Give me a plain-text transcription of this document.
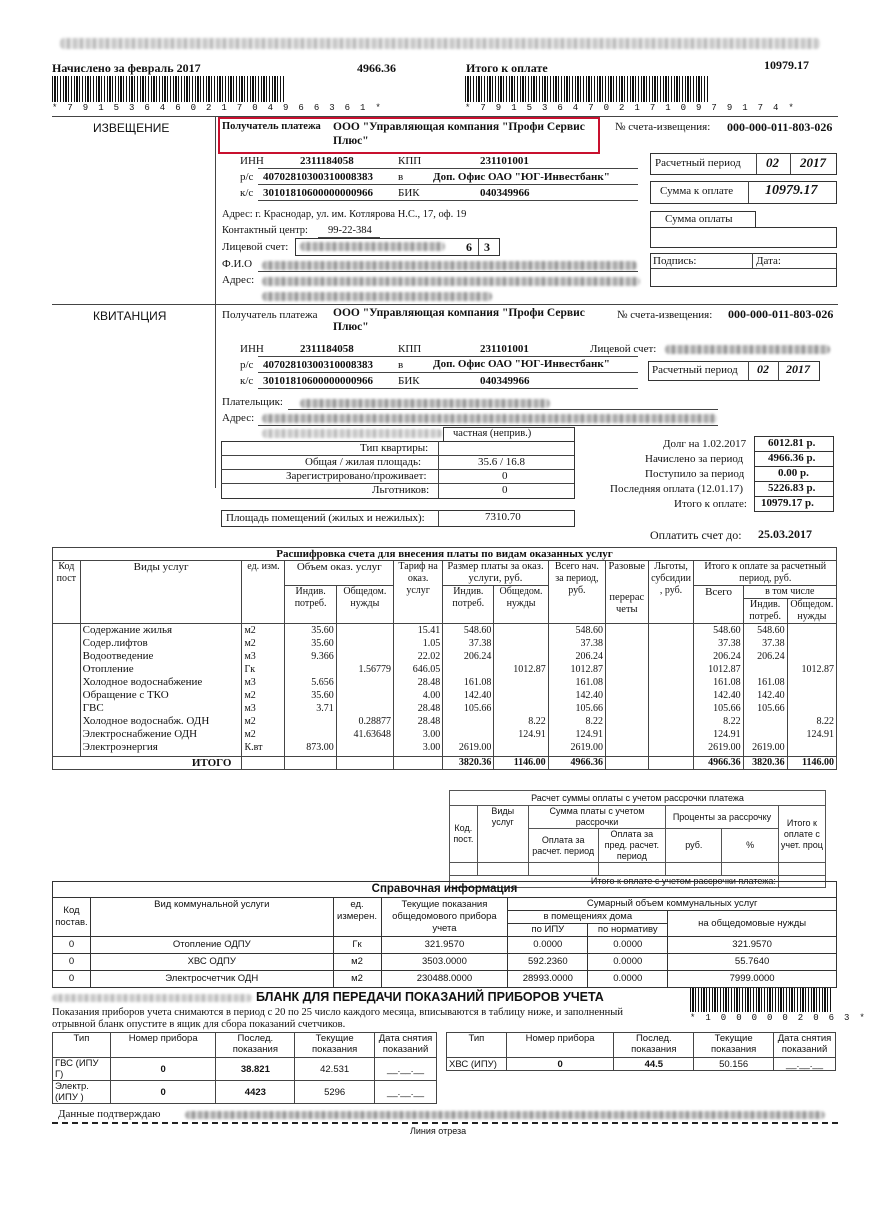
Начислено за февраль 2017	4966.36	Итого к оплате	10979.17
* 7 9 1 5 3 6 4 6 0 2 1 7 0 4 9 6 6 3 6 1 *	* 7 9 1 5 3 6 4 7 0 2 1 7 1 0 9 7 9 1 7 4 *
ИЗВЕЩЕНИЕ	Получатель платежа ООО "Управляющая компания "Профи Сервис
Плюс"
№ счета-извещения: 000-000-011-803-026
ИНН	2311184058	КПП	231101001
р/с 40702810300310008383 в	Доп. Офис ОАО "ЮГ-Инвестбанк"
к/с 30101810600000000966 БИК	040349966
Адрес: г. Краснодар, ул. им. Котлярова Н.С., 17, оф. 19
Контактный центр: 99-22-384
Лицевой счет:	6 3
Ф.И.О
Адрес:
Расчетный период 02 2017
Сумма к оплате 10979.17
Сумма оплаты
Подпись:	Дата:
КВИТАНЦИЯ	Получатель платежа ООО "Управляющая компания "Профи Сервис
Плюс"
№ счета-извещения: 000-000-011-803-026
ИНН	2311184058	КПП	231101001	Лицевой счет:
р/с 40702810300310008383 в	Доп. Офис ОАО "ЮГ-Инвестбанк"
к/с 30101810600000000966 БИК	040349966
Расчетный период 02 2017
Плательщик:
Адрес:
частная (неприв.)
Тип квартиры:
Общая / жилая площадь:	35.6 / 16.8
Зарегистрировано/проживает:	0
Льготников:	0
Площадь помещений (жилых и нежилых):	7310.70
Долг на 1.02.2017 6012.81 р.
Начислено за период 4966.36 р.
Поступило за период	0.00 р.
Последняя оплата (12.01.17) 5226.83 р.
Итого к оплате: 10979.17 р.
Оплатить счет до: 25.03.2017
Расшифровка счета для внесения платы по видам оказанных услуг													
Код пост	Виды услуг	ед. изм.	Объем оказ. услуг		Тариф на оказ. услуг	Размер платы за оказ. услуги, руб.		Всего нач. за период, руб.	Разовые	Льготы, субсидии , руб.	Итого к оплате за расчетный период, руб.		
			Индив. потреб.	Общедом. нужды		Индив. потреб.	Общедом. нужды		перерас четы		Всего	в том числе	
												Индив. потреб.	Общедом. нужды
	Содержание жилья	м2	35.60		15.41	548.60		548.60			548.60	548.60	
	Содер.лифтов	м2	35.60		1.05	37.38		37.38			37.38	37.38	
	Водоотведение	м3	9.366		22.02	206.24		206.24			206.24	206.24	
	Отопление	Гк		1.56779	646.05		1012.87	1012.87			1012.87		1012.87
	Холодное водоснабжение	м3	5.656		28.48	161.08		161.08			161.08	161.08	
	Обращение с ТКО	м2	35.60		4.00	142.40		142.40			142.40	142.40	
	ГВС	м3	3.71		28.48	105.66		105.66			105.66	105.66	
	Холодное водоснабж. ОДН	м2		0.28877	28.48		8.22	8.22			8.22		8.22
	Электроснабжение ОДН	м2		41.63648	3.00		124.91	124.91			124.91		124.91
	Электроэнергия	К.вт	873.00		3.00	2619.00		2619.00			2619.00	2619.00	

ИТОГО						3820.36	1146.00	4966.36			4966.36	3820.36	1146.00
Расчет суммы оплаты с учетом рассрочки платежа						
Код. пост.	Виды услуг	Сумма платы с учетом рассрочки		Проценты за рассрочку		Итого к оплате с учет. проц
		Оплата за расчет. период	Оплата за пред. расчет. период	руб.	%	

Итого к оплате с учетом рассрочки платежа:						
Справочная информация						
Код постав.	Вид коммунальной услуги	ед. измерен.	Текущие показания общедомового прибора учета	Сумарный объем коммунальных услуг		
				в помещениях дома		на общедомовые нужды
				по ИПУ	по нормативу	
0	Отопление ОДПУ	Гк	321.9570	0.0000	0.0000	321.9570
0	ХВС ОДПУ	м2	3503.0000	592.2360	0.0000	55.7640
0	Электросчетчик ОДН	м2	230488.0000	28993.0000	0.0000	7999.0000
БЛАНК ДЛЯ ПЕРЕДАЧИ ПОКАЗАНИЙ ПРИБОРОВ УЧЕТА
Показания приборов учета снимаются в период с 20 по 25 число каждого месяца, вписываются в таблицу ниже, и заполненный
отрывной бланк опустите в ящик для сбора показаний счетчиков.
* 1 0 0 0 0 0 2 0 6 3 *
Тип	Номер прибора	Послед. показания	Текущие показания	Дата снятия показаний
ГВС (ИПУ Г)	0	38.821	42.531	__.__.__
Электр.(ИПУ )	0	4423	5296	__.__.__
Тип	Номер прибора	Послед. показания	Текущие показания	Дата снятия показаний
ХВС (ИПУ)	0	44.5	50.156	__.__.__
Данные подтверждаю
Линия отреза
